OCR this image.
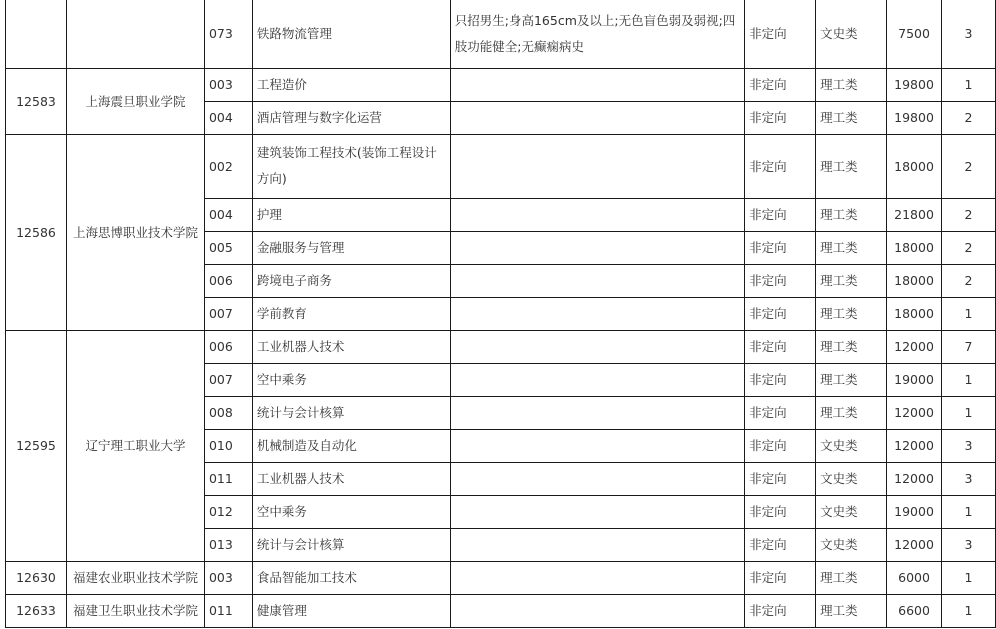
		073	铁路物流管理	只招男生;身高165cm及以上;无色盲色弱及弱视;四肢功能健全;无癫痫病史	非定向	文史类	7500	3
12583	上海震旦职业学院	003	工程造价		非定向	理工类	19800	1
		004	酒店管理与数字化运营		非定向	理工类	19800	2
12586	上海思博职业技术学院	002	建筑装饰工程技术(装饰工程设计方向)		非定向	理工类	18000	2
		004	护理		非定向	理工类	21800	2
		005	金融服务与管理		非定向	理工类	18000	2
		006	跨境电子商务		非定向	理工类	18000	2
		007	学前教育		非定向	理工类	18000	1
12595	辽宁理工职业大学	006	工业机器人技术		非定向	理工类	12000	7
		007	空中乘务		非定向	理工类	19000	1
		008	统计与会计核算		非定向	理工类	12000	1
		010	机械制造及自动化		非定向	文史类	12000	3
		011	工业机器人技术		非定向	文史类	12000	3
		012	空中乘务		非定向	文史类	19000	1
		013	统计与会计核算		非定向	文史类	12000	3
12630	福建农业职业技术学院	003	食品智能加工技术		非定向	理工类	6000	1
12633	福建卫生职业技术学院	011	健康管理		非定向	理工类	6600	1
